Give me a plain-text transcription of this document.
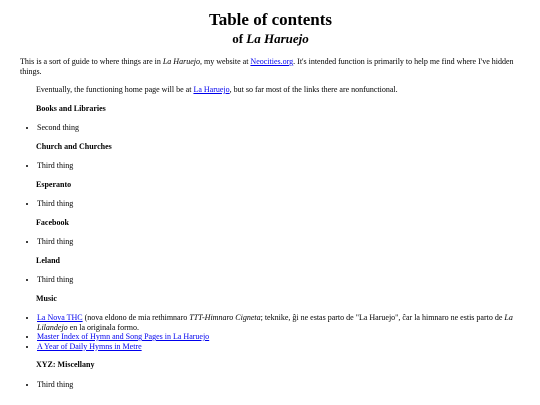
Table of contents
of La Haruejo

This is a sort of guide to where things are in La Haruejo, my website at Neocities.org. It's intended function is primarily to help me find where I've hidden things.

Eventually, the functioning home page will be at La Haruejo, but so far most of the links there are nonfunctional.

Books and Libraries
• Second thing
Church and Churches
• Third thing
Esperanto
• Third thing
Facebook
• Third thing
Leland
• Third thing
Music
• La Nova THC (nova eldono de mia rethimnaro TTT-Himnaro Cigneta; teknike, ĝi ne estas parto de "La Haruejo", ĉar la himnaro ne estis parto de La Lilandejo en la originala formo.
• Master Index of Hymn and Song Pages in La Haruejo
• A Year of Daily Hymns in Metre
XYZ: Miscellany
• Third thing
